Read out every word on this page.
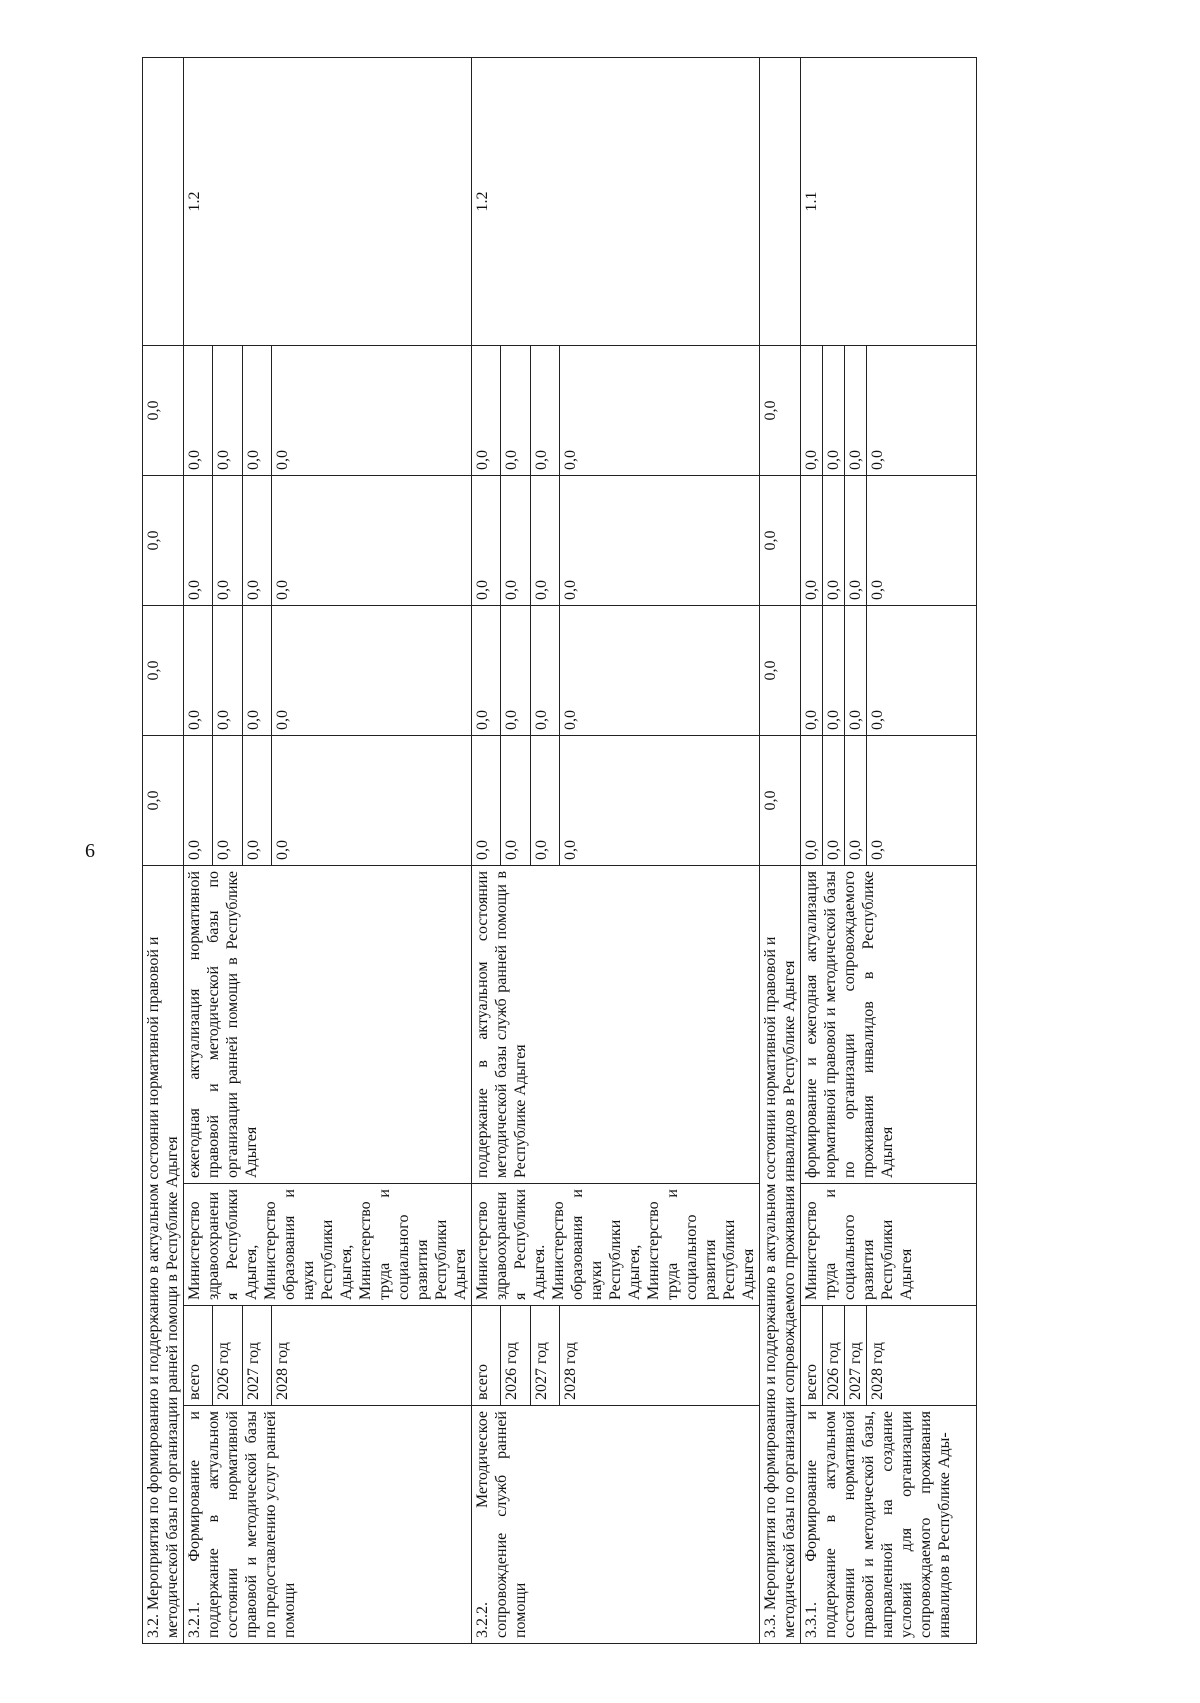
6
3.2. Мероприятия по формированию и поддержанию в актуальном состоянии нормативной правовой и методической базы по организации ранней помощи в Республике Адыгея				0,0	0,0	0,0	0,0	
3.2.1. Формирование и поддержание в актуальном состоянии нормативной правовой и методической базы по предоставлению услуг ранней помощи	всего	Министерство здравоохранения Республики Адыгея, Министерство образования и науки Республики Адыгея, Министерство труда и социального развития Республики Адыгея	ежегодная актуализация нормативной правовой и методической базы по организации ранней помощи в Республике Адыгея	0,0	0,0	0,0	0,0	1.2
	2026 год			0,0	0,0	0,0	0,0	
	2027 год			0,0	0,0	0,0	0,0	
	2028 год			0,0	0,0	0,0	0,0	
3.2.2. Методическое сопровождение служб ранней помощи	всего	Министерство здравоохранения Республики Адыгея. Министерство образования и науки Республики Адыгея, Министерство труда и социального развития Республики Адыгея	поддержание в актуальном состоянии методической базы служб ранней помощи в Республике Адыгея	0,0	0,0	0,0	0,0	1.2
	2026 год			0,0	0,0	0,0	0,0	
	2027 год			0,0	0,0	0,0	0,0	
	2028 год			0,0	0,0	0,0	0,0	
3.3. Мероприятия по формированию и поддержанию в актуальном состоянии нормативной правовой и методической базы по организации сопровождаемого проживания инвалидов в Республике Адыгея				0,0	0,0	0,0	0,0	
3.3.1. Формирование и поддержание в актуальном состоянии нормативной правовой и методической базы, направленной на создание условий для организации сопровождаемого проживания инвалидов в Республике Ады-	всего	Министерство труда и социального развития Республики Адыгея	формирование и ежегодная актуализация нормативной правовой и методической базы по организации сопровождаемого проживания инвалидов в Республике Адыгея	0,0	0,0	0,0	0,0	1.1
	2026 год			0,0	0,0	0,0	0,0	
	2027 год			0,0	0,0	0,0	0,0	
	2028 год			0,0	0,0	0,0	0,0	
